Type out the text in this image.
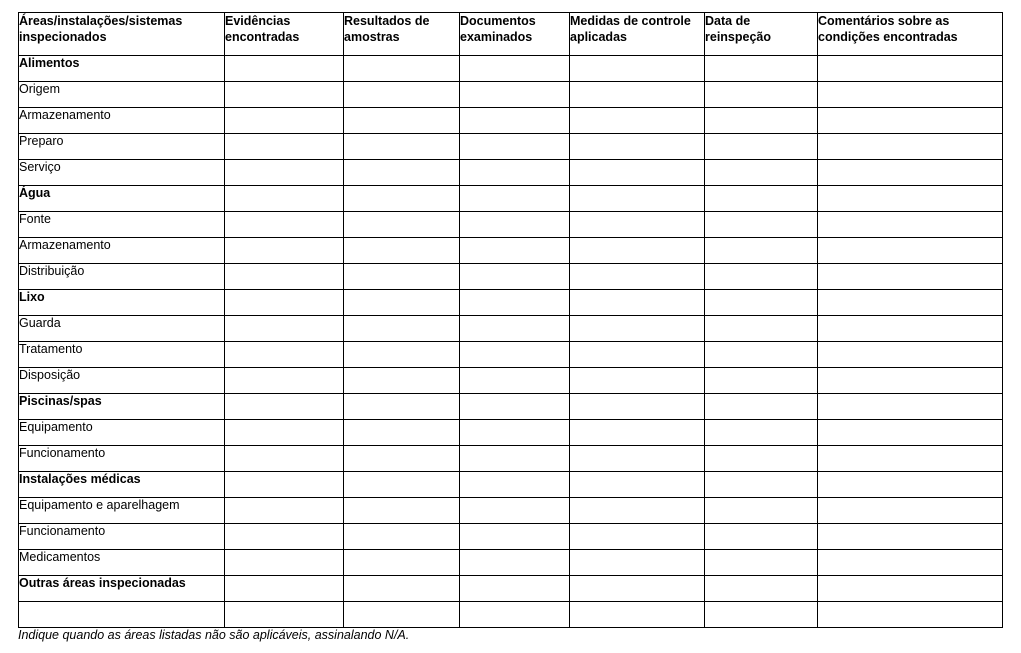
Áreas/instalações/sistemas inspecionados	Evidências encontradas	Resultados de amostras	Documentos examinados	Medidas de controle aplicadas	Data de reinspeção	Comentários sobre as condições encontradas
Alimentos						
Origem						
Armazenamento						
Preparo						
Serviço						
Água						
Fonte						
Armazenamento						
Distribuição						
Lixo						
Guarda						
Tratamento						
Disposição						
Piscinas/spas						
Equipamento						
Funcionamento						
Instalações médicas						
Equipamento e aparelhagem						
Funcionamento						
Medicamentos						
Outras áreas inspecionadas						

Indique quando as áreas listadas não são aplicáveis, assinalando N/A.
